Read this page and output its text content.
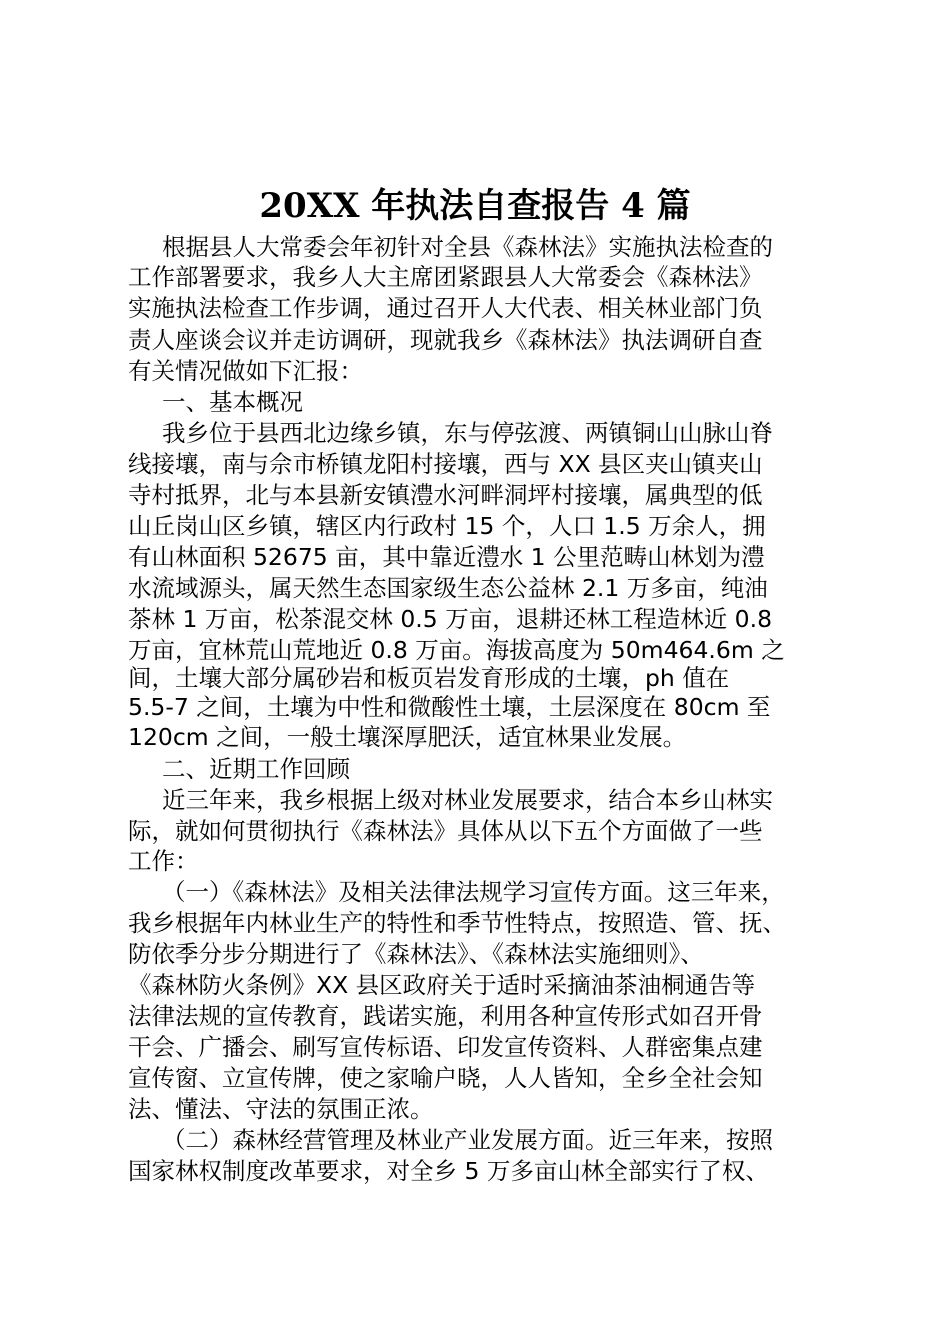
20XX 年执法自查报告 4 篇
根据县人大常委会年初针对全县《森林法》实施执法检查的
工作部署要求，我乡人大主席团紧跟县人大常委会《森林法》
实施执法检查工作步调，通过召开人大代表、相关林业部门负
责人座谈会议并走访调研，现就我乡《森林法》执法调研自查
有关情况做如下汇报：
一、基本概况
我乡位于县西北边缘乡镇，东与停弦渡、两镇铜山山脉山脊
线接壤，南与佘市桥镇龙阳村接壤，西与 XX 县区夹山镇夹山
寺村抵界，北与本县新安镇澧水河畔洞坪村接壤，属典型的低
山丘岗山区乡镇，辖区内行政村 15 个，人口 1.5 万余人，拥
有山林面积 52675 亩，其中靠近澧水 1 公里范畴山林划为澧
水流域源头，属天然生态国家级生态公益林 2.1 万多亩，纯油
茶林 1 万亩，松茶混交林 0.5 万亩，退耕还林工程造林近 0.8
万亩，宜林荒山荒地近 0.8 万亩。海拔高度为 50m464.6m 之
间，土壤大部分属砂岩和板页岩发育形成的土壤，ph 值在
5.5-7 之间，土壤为中性和微酸性土壤，土层深度在 80cm 至
120cm 之间，一般土壤深厚肥沃，适宜林果业发展。
二、近期工作回顾
近三年来，我乡根据上级对林业发展要求，结合本乡山林实
际，就如何贯彻执行《森林法》具体从以下五个方面做了一些
工作：
（一）《森林法》及相关法律法规学习宣传方面。这三年来，
我乡根据年内林业生产的特性和季节性特点，按照造、管、抚、
防依季分步分期进行了《森林法》、《森林法实施细则》、
《森林防火条例》XX 县区政府关于适时采摘油茶油桐通告等
法律法规的宣传教育，践诺实施，利用各种宣传形式如召开骨
干会、广播会、刷写宣传标语、印发宣传资料、人群密集点建
宣传窗、立宣传牌，使之家喻户晓，人人皆知，全乡全社会知
法、懂法、守法的氛围正浓。
（二）森林经营管理及林业产业发展方面。近三年来，按照
国家林权制度改革要求，对全乡 5 万多亩山林全部实行了权、
